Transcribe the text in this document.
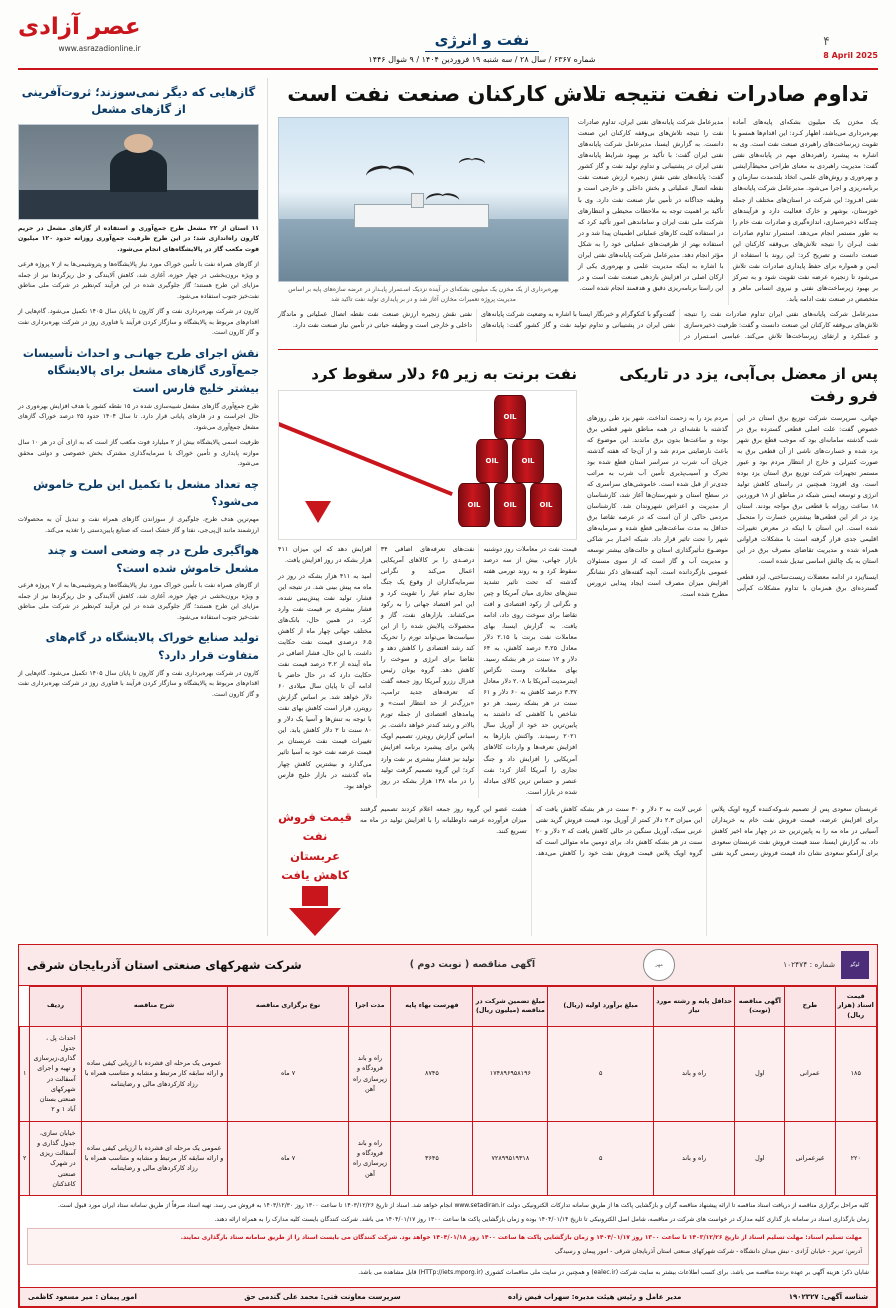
۴
8 April 2025
نفت و انرژی
شماره ۶۳۶۷ / سال ۲۸ / سه شنبه ۱۹ فروردین ۱۴۰۴ / ۹ شوال ۱۴۴۶
عصر آزادی
www.asrazadionline.ir
تداوم صادرات نفت نتیجه تلاش کارکنان صنعت نفت است

یک مخزن یک میلیون بشکه‌ای پایه‌های آماده بهره‌برداری می‌باشد، اظهار کـرد: این اقدام‌ها همسو با تقویت زیرساخت‌های راهبردی صنعت نفت است. وی به اشاره به پیشبرد راهبردهای مهم در پایانه‌های نفتی گفت: مدیریت راهبردی به معنای طراحی محیط‌آرایشی و بهره‌وری و روش‌های علمی، اتخاذ بلندمدت سازمان و برنامه‌ریزی و اجرا می‌شود. مدیرعامل شرکت پایانه‌های نفتی افـزود: این شرکت در استان‌های مختلف از جمله خوزستان، بوشهر و خارک فعالیت دارد و فرآیندهای چندگانه ذخیره‌سازی، اندازه‌گیری و صادرات نفت خام را به طور مستمر انجام می‌دهد. استمرار تداوم صادرات نفت ایـران را نتیجه تلاش‌های بی‌وقفه کارکنان این صنعت دانست و تصریح کرد: این روند با استفاده از ایمن و همواره برای حفظ پایداری صادرات نفت تلاش می‌شود تا زنجیره عرضه نفت تقویت شود و به تمرکز بر بهبود زیرساخت‌های نفتی و نیروی انسانی ماهر و متخصص در صنعت نفت ادامه یابد.

مدیرعامل شرکت پایانه‌های نفتی ایران، تداوم صادرات نفت را نتیجه تلاش‌های بی‌وقفه کارکنان این صنعت دانست. به گزارش ایسنا، مدیرعامل شرکت پایانه‌های نفتی ایران گفت: با تأکید بر بهبود شرایط پایانه‌های نفتی ایران در پشتیبانی و تداوم تولید نفت و گاز کشور گفت: پایانه‌های نفتی نقش زنجیره ارزش صنعت نفت نقطه اتصال عملیاتی و بخش داخلی و خارجی است و وظیفه جداگانه در تأمین نیاز صنعت نفت دارد. وی با تأکید بر اهمیت توجه به ملاحظات محیطی و انتظارهای شرکت ملی نفت ایران و ساماندهی امور تأکید کرد که در استفاده کلیت کارهای عملیاتی اطمینان پیدا شد و در استفاده بهتر از ظرفیت‌های عملیاتی خود را به شکل مؤثر انجام دهد. مدیرعامل شرکت پایانه‌های نفتی ایران با اشاره به اینکه مدیریت علمی و بهره‌وری یکی از ارکان اصلی در افزایش بازدهی صنعت نفت است و در این راستا برنامه‌ریزی دقیق و هدفمند انجام شده است.

بهره‌برداری از یک مخزن یک میلیون بشکه‌ای در آینده نزدیک اسـتمرار پایـدار در عرضه سازه‌های پایه بر اساس مدیریت پروژه تعمیرات مخازن آغاز شد و در بر پایداری تولید نفت تاکید شد

مدیرعامل شرکت پایانه‌های نفتی ایران تداوم صادرات نفت را نتیجه تلاش‌های بی‌وقفه کارکنان این صنعت دانست و گفت: ظرفیت ذخیره‌سازی و عملکرد و ارتقای زیرساخت‌ها تلاش می‌کند. عباسی اسـتمرار در گفت‌وگو با کنکوگرام و خبرنگار ایسنا با اشاره به وضعیت شرکت پایانه‌های نفتی ایران در پشتیبانی و تداوم تولید نفت و گاز کشور گفت: پایانه‌های نفتی نقش زنجیره ارزش صنعت نفت نقطه اتصال عملیاتی و ماندگار داخلی و خارجی است و وظیفه حیاتی در تأمین نیاز صنعت نفت دارد.

پس از معضل بی‌آبی، یزد در تاریکی فرو رفت

جهانی، سرپرست شرکت توزیع برق استان در این خصوص گفت: علت اصلی قطعی گسترده برق در شب گذشته سامانه‌ای بود که موجب قطع برق شهر یزد شده و خسارت‌های ناشی از آن قطعی برق به صورت کنترلی و خارج از انتظار مردم بود و عبور مستمر تجهیزات شرکت توزیع برق استان یزد بوده است. وی افزود: همچنین در راستای کاهش تولید انرژی و توسعه ایمنی شبکه در مناطق از ۱۸ فروردین ۱۸ ساعت روزانه با قطعی برق مواجه بودند. استان یزد در اثر این قطعی‌ها بیشترین خسارت را متحمل شده است. این استان با اینکه در معرض تغییرات اقلیمی جدی قرار گرفته است با مشکلات فراوانی همراه شده و مدیریت تقاضای مصرف برق در این استان به یک چالش اساسی تبدیل شده است.

ایسنا/یزد در ادامه معضلات زیست‌ساختی، ایزد قطعی گسترده‌ای برق همزمان با تداوم مشکلات کم‌آبی مردم یزد را به زحمت انداخت. شهر یزد طی روزهای گذشته با نقشه‌ای در همه مناطق شهر قطعی برق بوده و ساعت‌ها بدون برق ماندند. این موضوع که باعث نارضایتی مردم شد و از آن‌جا که هفته گذشته جریان آب شرب در سراسر استان قطع شده بود تحرک و آسیب‌پذیری تأمین آب شرب به مراتب جدی‌تر از قبل شده است. خاموشی‌های سراسری که در سطح استان و شهرستان‌ها آغاز شد، کارشناسان از مدیریت و اعتراض شهروندان شد. کارشناسان مردمی حاکی از آن است که در عرصه تقاضا برق حداقل به مدت ساعت‌هایی قطع شده و سرمایه‌های شهر را تحت تاثیر قرار داد. شبکه اخبـار بـر شاکی موضـوع تـأثیرگذاری استان و حالت‌های بیشتر توسعه و مدیریت آب و گاز است که از سوی مسئولان عمومی بازگردانده است. آنچه گفته‌های ذکر نشانگر افزایش میزان مصرف است ایجاد پیدایی ترورس مطرح شده است.

نفت برنت به زیر ۶۵ دلار سقوط کرد
OIL
OIL
OIL
OIL
OIL
OIL

قیمت نفت در معاملات روز دوشنبه بازار جهانی، بیش از سه درصد سقوط کرد و به روند تورمی هفته گذشته که تحت تاثیر تشدید تنش‌های تجاری میان آمریکا و چین و نگرانی از رکود اقتصادی و افت تقاضا برای سوخت روی داد، ادامه یافت. به گزارش ایسنا، بهای معاملات نفت برنت با ۲.۱۵ دلار معادل ۳.۲۵ درصد کاهش، به ۶۴ دلار و ۱۲ سنت در هر بشکه رسید. بهای معاملات وست تگزاس اینترمدیت آمریکا با ۲.۰۸ دلار معادل ۳.۳۷ درصد کاهش به ۶۰ دلار و ۶۱ سنت در هر بشکه رسید. هر دو شاخص با کاهشی که داشتند به پایین‌ترین حد خود از آوریل سال ۲۰۲۱ رسیدند. واکنش بازارها به افزایش تعرفه‌ها و واردات کالاهای آمریکایی را افزایش داد و جنگ تجاری را آمریکا آغاز کرد؛ نفت عنصر و حساس ترین کالای مبادله شده در بازار است.

نفت‌های تعرفه‌های اضافی ۳۴ درصـدی را بر کالاهای آمریکایی اعمال می‌کند و نگرانی سرمایه‌گذاران از وقوع یک جنگ تجاری تمام عیار را تقویت کرد و این امر اقتصاد جهانی را به رکود می‌کشاند. بازارهای نفت، گاز و محصولات پالایش شده را از این سیاست‌ها می‌تواند تورم را تحریک کند رشد اقتصادی را کاهش دهد و تقاضا برای انرژی و سوخت را کاهش دهد. گروه یونان رئیس فدرال رزرو آمریکا روز جمعه گفت که تعرفه‌های جدید ترامپ، «بزرگ‌تر از حد انتظار است» و پیامدهای اقتصادی از جمله تورم بالاتر و رشد کندتر خواهد داشت. بر اساس گزارش رویترز، تصمیم اوپک پلاس برای پیشبرد برنامه افزایش تولید نیز فشار بیشتری بر نفت وارد کرد؛ این گروه تصمیم گرفت تولید را در ماه ۱۳۸ هزار بشکه در روز افزایش دهد که این میزان ۴۱۱ هزار بشکه در روز افزایش یافت.

امید به ۴۱۱ هزار بشکه در روز در ماه مه پیش بینی شد. در نتیجه این فشار، تولید نفت پیش‌بینی شده، فشار بیشتری بر قیمت نفت وارد کرد. در همین حال، بانک‌های مختلف جهانی چهار ماه از کاهش ۶.۵ درصدی قیمت نفت حکایت داشت. با این حال، فشار اضافی در ماه آینده از ۳.۲ درصد قیمت نفت حکایت دارد که در حال حاضر با ادامه آن تا پایان سال میلادی ۶۰ دلار خواهد شد. بر اساس گزارش رویترز، قرار است کاهش بهای نفت با توجه به تنش‌ها و آسیا یک دلار و ۸۰ سنت تا ۲ دلار کاهش یابد. این تغییرات قیمت نفت عربستان بر قیمت عرضه نفت خود به آسیا تاثیر می‌گذارد و بیشترین کاهش چهار ماه گذشته در بازار خلیج فارس خواهد بود.

عربستان سعودی پس از تصمیم شـوکه‌کننده گروه اوپک پلاس برای افزایش عرضه، قیمت فروش نفت خام به خریداران آسیایی در ماه مه را به پایین‌ترین حد در چهار ماه اخیر کاهش داد. به گزارش ایسنا، سند قیمت فروش نفت عربستان سعودی برای آرامکو سعودی نشان داد قیمت فروش رسمی گرید نفتی عربی لایت به ۲ دلار و ۳۰ سنت در هر بشکه کاهش یافت که این میزان ۲.۳ دلار کمتر از آوریل بود. قیمت فروش گرید نفتی عربی سبک، آوریل سنگین در حالی کاهش یافت که ۲ دلار و ۲۰ سنت در هر بشکه کاهش داد. برای دومین ماه متوالی است که گروه اوپک پلاس قیمت فروش نفت خود را کاهش می‌دهد. هشت عضو این گروه روز جمعه اعلام کردند تصمیم گرفتند میزان فرآورده عرضه داوطلبانه را با افزایش تولید در ماه مه تسریع کنند.

قیمت فروش نفت عربستان کاهش یافت
گازهایی که دیگر نمی‌سوزند؛ ثروت‌آفرینی از گازهای مشعل

۱۱ استان از ۲۲ مشعل طرح جمع‌آوری و استفاده از گازهای مشعل در حریم کارون راه‌اندازی شد؛ در این طرح ظرفیت جمع‌آوری روزانه حدود ۱۲۰ میلیون فوت مکعب گاز در پالایشگاه‌های انجام می‌شود.

از گازهای همراه نفت با تأمین خوراک مورد نیاز پالایشگاه‌ها و پتروشیمی‌ها به از ۷ پروژه فرعی و ویژه برون‌بخشی در چهار حوزه، آغازی شد، کاهش آلایندگی و حل ریزگرد‌ها نیز از جمله مزایای این طرح هستند؛ گاز جلوگیری شده در این فرآیند کم‌نظیر در شرکت ملی مناطق نفت‌خیز جنوب استفاده می‌شود.

کارون در شرکت بهره‌برداری نفت و گاز کارون تا پایان سال ۱۴۰۵ تکمیل می‌شود. گام‌هایی از اقدام‌های مربوط به پالایشگاه و سازگار کردن فرآیند با فناوری روز در شرکت بهره‌برداری نفت و گاز کارون است.

نقش اجرای طرح جهانـی و احداث تأسیسات جمع‌آوری گازهای مشعل برای پالایشگاه بیشتر خلیج فارس است

طرح جمع‌آوری گازهای مشعل شبیه‌سازی شده در ۱۵ نقطه کشور با هدف افزایش بهره‌وری در حال اجراست و در فازهای پایانی قرار دارد. تا سال ۱۴۰۴ حدود ۲۵ درصد خوراک گازهای مشعل جمع‌آوری می‌شود.

ظرفیت اسمی پالایشگاه بیش از ۲ میلیارد فوت مکعب گاز است که به ازای آن در هر ۱۰ سال موازنه پایداری و تأمین خوراک با سرمایه‌گذاری مشترک بخش خصوصی و دولتی محقق می‌شود.

چه تعداد مشعل با تکمیل این طرح خاموش می‌شود؟

مهم‌ترین هدف طرح، جلوگیری از سوزاندن گازهای همراه نفت و تبدیل آن به محصولات ارزشمند مانند ال‌پی‌جی، نفتا و گاز خشک است که صنایع پایین‌دستی را تغذیه می‌کند.

هواگیری طرح در چه وضعی است و چند مشعل خاموش شده است؟

از گازهای همراه نفت با تأمین خوراک مورد نیاز پالایشگاه‌ها و پتروشیمی‌ها به از ۷ پروژه فرعی و ویژه برون‌بخشی در چهار حوزه، آغازی شد، کاهش آلایندگی و حل ریزگرد‌ها نیز از جمله مزایای این طرح هستند؛ گاز جلوگیری شده در این فرآیند کم‌نظیر در شرکت ملی مناطق نفت‌خیز جنوب استفاده می‌شود.

تولید صنایع خوراک پالایشگاه در گام‌های متفاوت قرار دارد؟

کارون در شرکت بهره‌برداری نفت و گاز کارون تا پایان سال ۱۴۰۵ تکمیل می‌شود. گام‌هایی از اقدام‌های مربوط به پالایشگاه و سازگار کردن فرآیند با فناوری روز در شرکت بهره‌برداری نفت و گاز کارون است.

لوگو
شماره : ۱۰۲۴۷۴
مهر
آگهی مناقصه ( نوبت دوم )
شرکت شهرکهای صنعتی استان آذربایجان شرقی
قیمت اسناد (هزار ریال)	طرح	آگهی مناقصه (نوبت)	حداقل پایه و رشته مورد نیاز	مبلغ برآورد اولیه (ریال)	مبلغ تضمین شرکت در مناقصه (میلیون ریال)	فهرست بهاء پایه	مدت اجرا	نوع برگزاری مناقصه	شرح مناقصه	ردیف	
۱۸۵	عمرانی	اول	راه و باند	۵	۱۷۴۸۹۶۹۵۸۱۹۶	۸۷۴۵	راه و باند فرودگاه و زیرسازی راه آهن	۷ ماه	عمومی یک مرحله ای فشرده با ارزیابی کیفی ساده و ارائه سابقه کار مرتبط و مشابه و متناسب همراه با رزاد کارکردهای مالی و رضایتنامه	احداث پل ، جدول گذاری،زیرسازی و تهیه و اجرای آسفالت در شهرکهای صنعتی بستان آباد ۱ و ۲	۱
۲۲۰	غیرعمرانی	اول	راه و باند	۵	۷۲۸۹۹۵۱۹۳۱۸	۳۶۴۵	راه و باند فرودگاه و زیرسازی راه آهن	۷ ماه	عمومی یک مرحله ای فشرده با ارزیابی کیفی ساده و ارائه سابقه کار مرتبط و مشابه و متناسب همراه با رزاد کارکردهای مالی و رضایتنامه	خیابان سازی، جدول گذاری و آسفالت ریزی در شهرک صنعتی کاغذکنان	۲

کلیه مراحل برگزاری مناقصه از دریافت اسناد مناقصه تا ارائه پیشنهاد مناقصه گران و بازگشایی پاکت ها از طریق سامانه تدارکات الکترونیکی دولت www.setadiran.ir انجام خواهد شد. اسناد از تاریخ ۱۴۰۳/۱۲/۲۶ تا ساعت ۱۳۰۰ روز ۱۴۰۳/۱۲/۳۰ به فروش می رسد. تهیه اسناد صرفاً از طریق سامانه ستاد ایران مورد قبول است.

زمان بارگذاری اسناد در سامانه باز گذاری کلیه مدارک در خواست های شرکت در مناقصه، شامل اصل الکترونیکی تا تاریخ ۱۴۰۴/۰۱/۱۴ بوده و زمان بازگشایی پاکت ها ساعت ۱۳۰۰ روز ۱۴۰۴/۰۱/۱۷ می باشد. شرکت کنندگان بایست کلیه مدارک را به همراه ارائه دهند.

مهلت تسلیم اسناد: مهلت تسلیم اسناد از تاریخ ۱۴۰۳/۱۲/۲۶ تا ساعت ۱۳۰۰ روز ۱۴۰۴/۰۱/۱۷ و زمان بازگشایی پاکت ها ساعت ۱۴۰۰ روز ۱۴۰۴/۰۱/۱۸ خواهد بود. شرکت کنندگان می بایست اسناد را از طریق سامانه ستاد بارگذاری نمایند.

آدرس: تبریز - خیابان آزادی - نبش میدان دانشگاه - شرکت شهرکهای صنعتی استان آذربایجان شرقی - امور پیمان و رسیدگی

شایان ذکر: هزینه آگهی بر عهده برنده مناقصه می باشد. برای کسب اطلاعات بیشتر به سایت شرکت (ealec.ir) و همچنین در سایت ملی مناقصات کشوری (HTTp://iets.mporg.ir) قابل مشاهده می باشد.

شناسه آگهی: ۱۹۰۲۳۲۷
مدیر عامل و رئیس هیئت مدیره: سهراب فیض زاده
سرپرست معاونت فنی: محمد علی گندمی حق
امور پیمان : میر مسعود کاظمی
